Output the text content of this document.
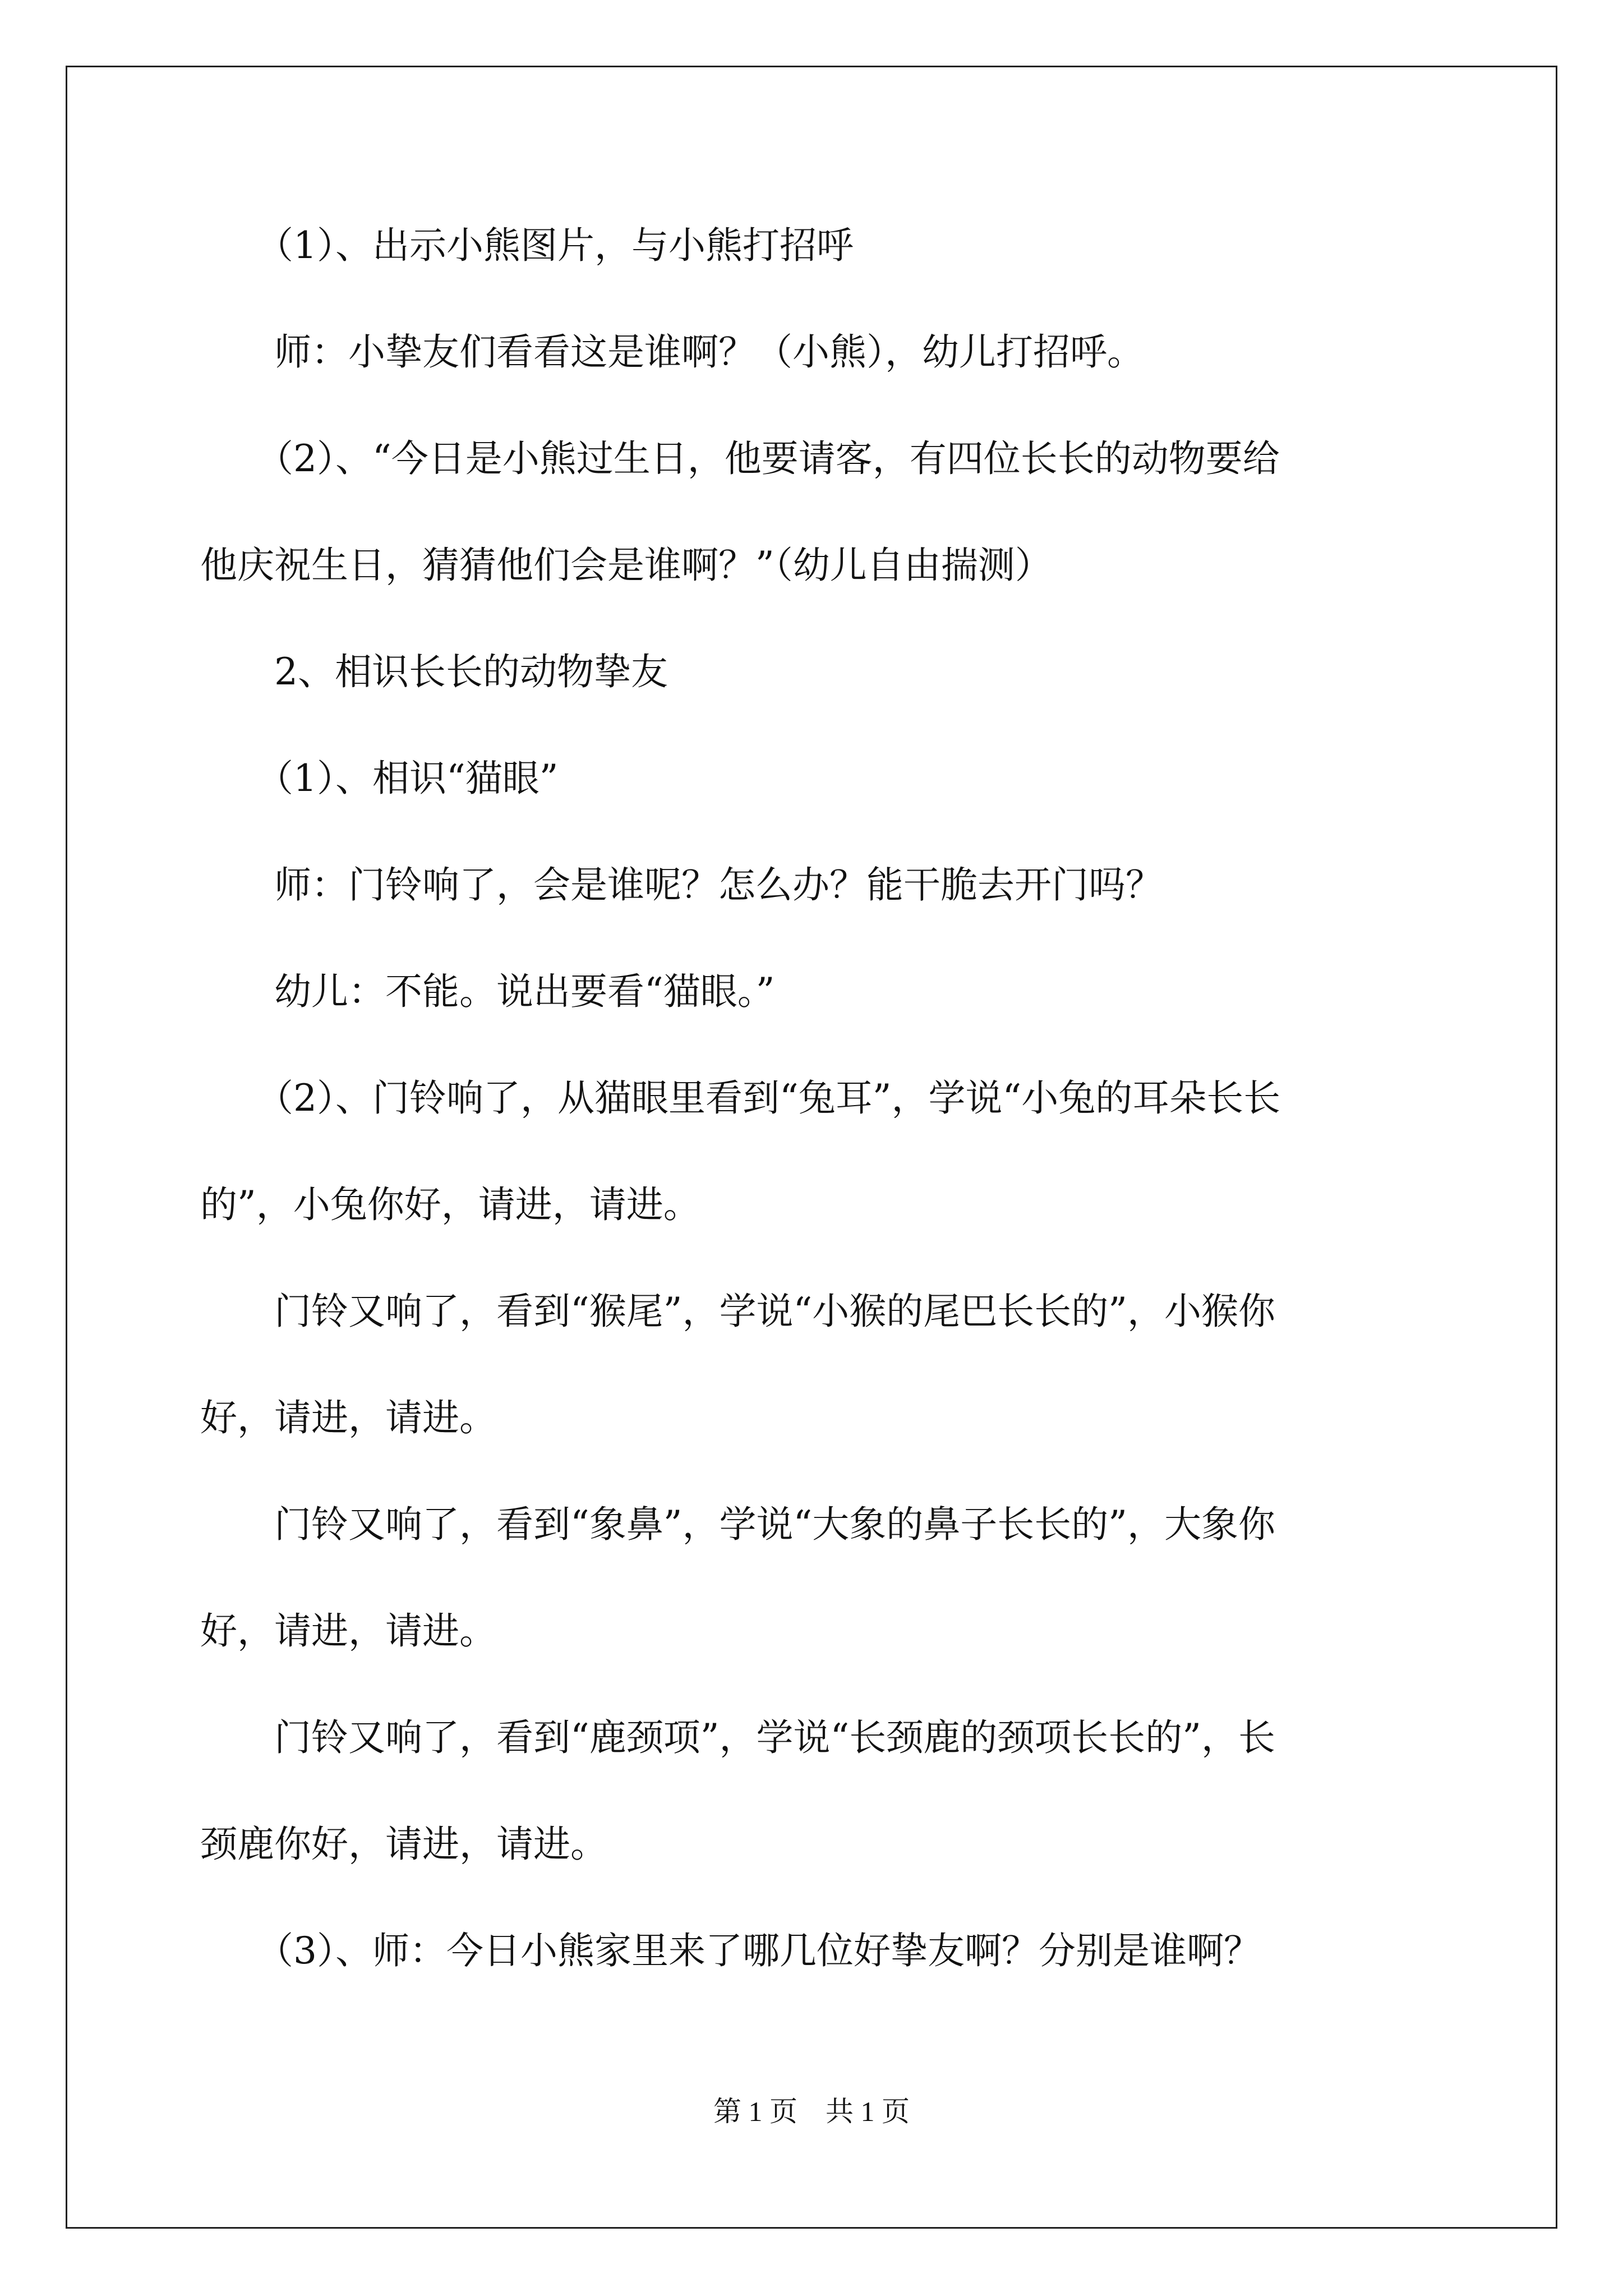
（1）、出示小熊图片，与小熊打招呼

师：小挚友们看看这是谁啊？（小熊），幼儿打招呼。

（2）、“今日是小熊过生日，他要请客，有四位长长的动物要给

他庆祝生日，猜猜他们会是谁啊？”（幼儿自由揣测）

2、相识长长的动物挚友

（1）、相识“猫眼”

师：门铃响了，会是谁呢？怎么办？能干脆去开门吗？

幼儿：不能。说出要看“猫眼。”

（2）、门铃响了，从猫眼里看到“兔耳”，学说“小兔的耳朵长长

的”，小兔你好，请进，请进。

门铃又响了，看到“猴尾”，学说“小猴的尾巴长长的”，小猴你

好，请进，请进。

门铃又响了，看到“象鼻”，学说“大象的鼻子长长的”，大象你

好，请进，请进。

门铃又响了，看到“鹿颈项”，学说“长颈鹿的颈项长长的”，长

颈鹿你好，请进，请进。

（3）、师：今日小熊家里来了哪几位好挚友啊？分别是谁啊？

第 1 页 共 1 页
